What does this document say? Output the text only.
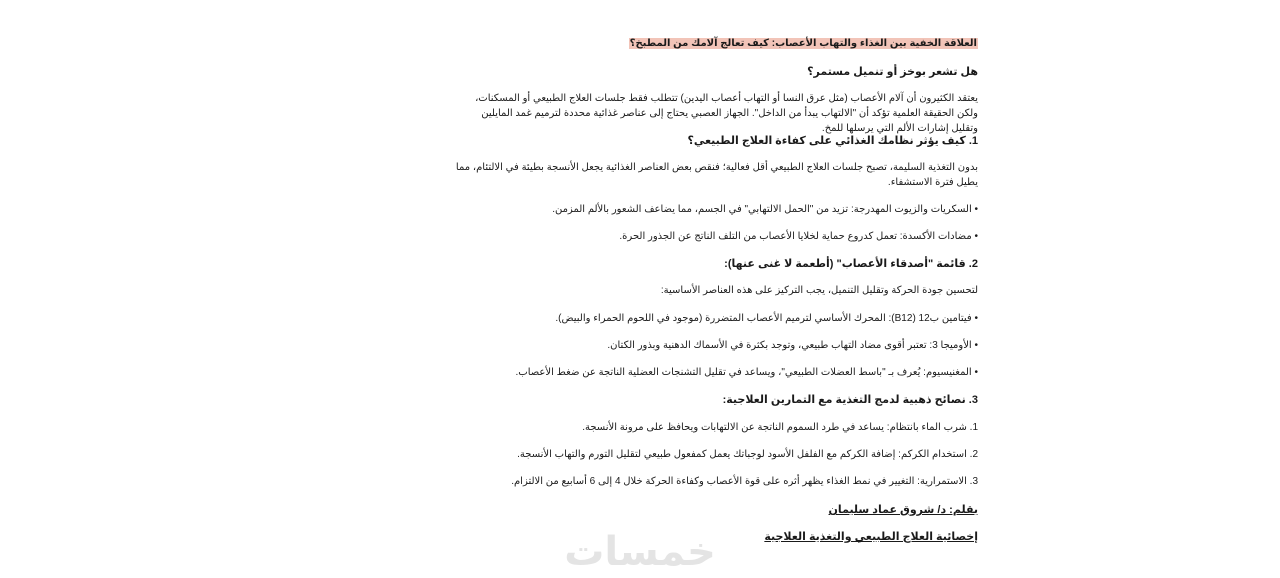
العلاقة الخفية بين الغذاء والتهاب الأعصاب: كيف تعالج آلامك من المطبخ؟
هل تشعر بوخز أو تنميل مستمر؟
يعتقد الكثيرون أن آلام الأعصاب (مثل عرق النسا أو التهاب أعصاب اليدين) تتطلب فقط جلسات العلاج الطبيعي أو المسكنات، ولكن الحقيقة العلمية تؤكد أن "الالتهاب يبدأ من الداخل". الجهاز العصبي يحتاج إلى عناصر غذائية محددة لترميم غمد المايلين وتقليل إشارات الألم التي يرسلها للمخ.
1. كيف يؤثر نظامك الغذائي على كفاءة العلاج الطبيعي؟
بدون التغذية السليمة، تصبح جلسات العلاج الطبيعي أقل فعالية؛ فنقص بعض العناصر الغذائية يجعل الأنسجة بطيئة في الالتئام، مما يطيل فترة الاستشفاء.
• السكريات والزيوت المهدرجة: تزيد من "الحمل الالتهابي" في الجسم، مما يضاعف الشعور بالألم المزمن.
• مضادات الأكسدة: تعمل كدروع حماية لخلايا الأعصاب من التلف الناتج عن الجذور الحرة.
2. قائمة "أصدقاء الأعصاب" (أطعمة لا غنى عنها):
لتحسين جودة الحركة وتقليل التنميل، يجب التركيز على هذه العناصر الأساسية:
• فيتامين ب12 (B12): المحرك الأساسي لترميم الأعصاب المتضررة (موجود في اللحوم الحمراء والبيض).
• الأوميجا 3: تعتبر أقوى مضاد التهاب طبيعي، وتوجد بكثرة في الأسماك الدهنية وبذور الكتان.
• المغنيسيوم: يُعرف بـ "باسط العضلات الطبيعي"، ويساعد في تقليل التشنجات العضلية الناتجة عن ضغط الأعصاب.
3. نصائح ذهبية لدمج التغذية مع التمارين العلاجية:
1. شرب الماء بانتظام: يساعد في طرد السموم الناتجة عن الالتهابات ويحافظ على مرونة الأنسجة.
2. استخدام الكركم: إضافة الكركم مع الفلفل الأسود لوجباتك يعمل كمفعول طبيعي لتقليل التورم والتهاب الأنسجة.
3. الاستمرارية: التغيير في نمط الغذاء يظهر أثره على قوة الأعصاب وكفاءة الحركة خلال 4 إلى 6 أسابيع من الالتزام.
بقلم: د/ شروق عماد سليمان
إخصائية العلاج الطبيعي والتغذية العلاجية
خمسات
